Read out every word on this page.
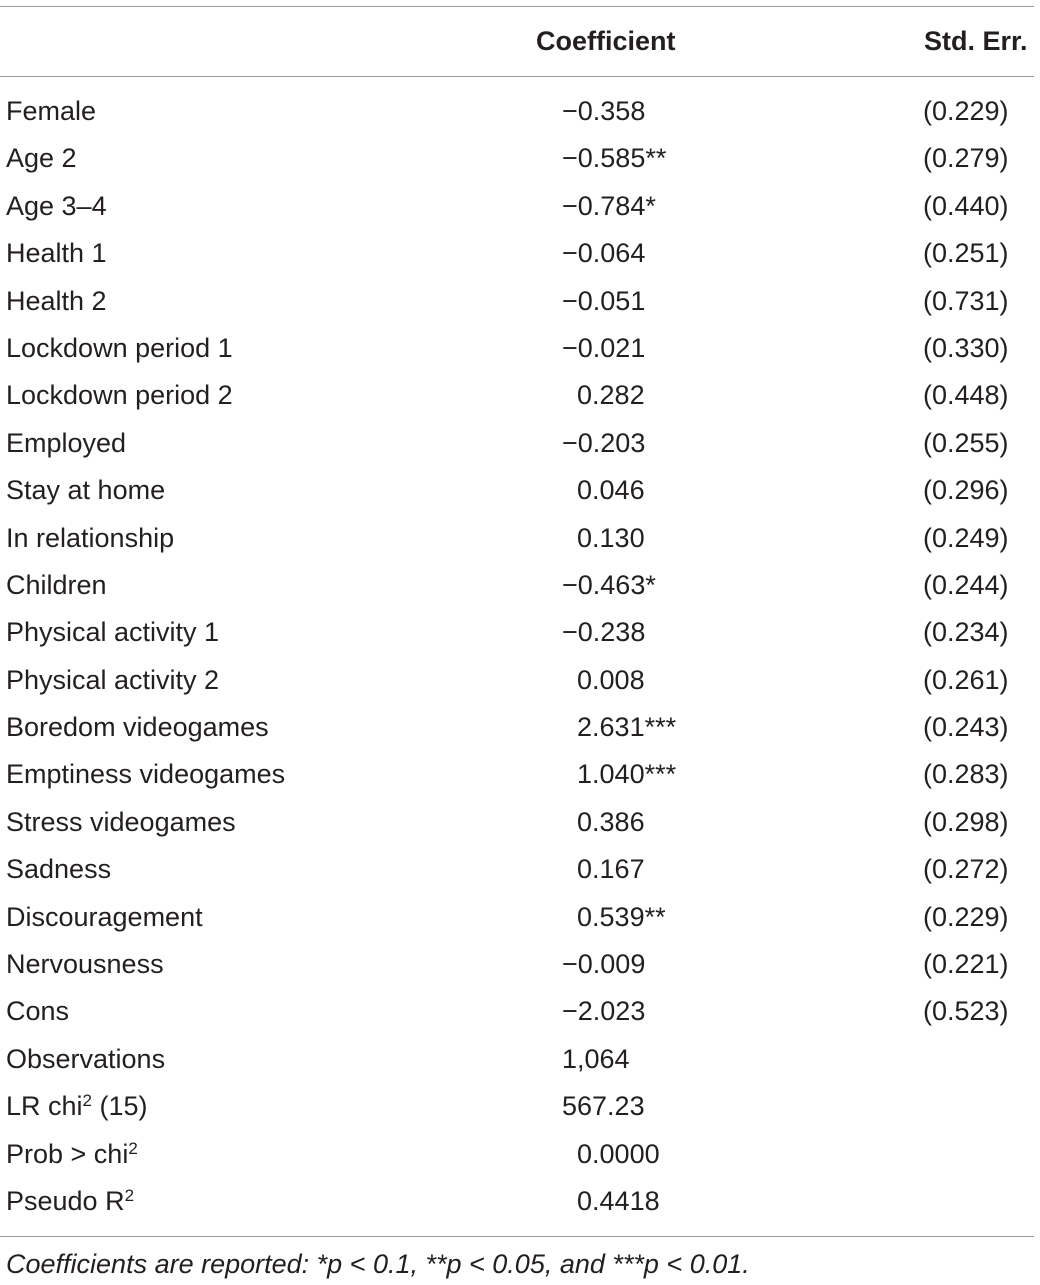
Coefficient	Std. Err.
Female	−0.358	(0.229)
Age 2	−0.585**	(0.279)
Age 3–4	−0.784*	(0.440)
Health 1	−0.064	(0.251)
Health 2	−0.051	(0.731)
Lockdown period 1	−0.021	(0.330)
Lockdown period 2	 0.282	(0.448)
Employed	−0.203	(0.255)
Stay at home	 0.046	(0.296)
In relationship	 0.130	(0.249)
Children	−0.463*	(0.244)
Physical activity 1	−0.238	(0.234)
Physical activity 2	 0.008	(0.261)
Boredom videogames	 2.631***	(0.243)
Emptiness videogames	 1.040***	(0.283)
Stress videogames	 0.386	(0.298)
Sadness	 0.167	(0.272)
Discouragement	 0.539**	(0.229)
Nervousness	−0.009	(0.221)
Cons	−2.023	(0.523)
Observations	1,064
LR chi$^2$ (15)	567.23
Prob > chi$^2$	 0.0000
Pseudo $R^2$	 0.4418
Coefficients are reported: *p < 0.1, **p < 0.05, and ***p < 0.01.
